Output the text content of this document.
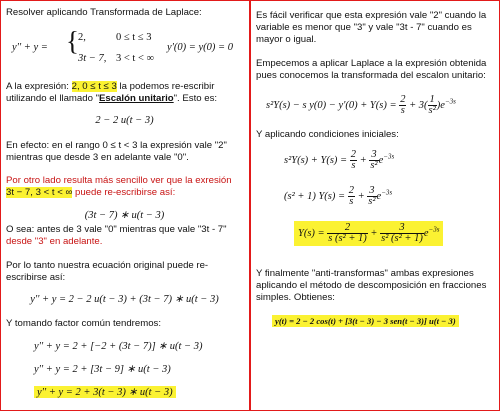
Resolver aplicando Transformada de Laplace:
y'' + y = { 2,	0 ≤ t ≤ 3
3t − 7, 3 < t < ∞
y'(0) = y(0) = 0
A la expresión: 2, 0 ≤ t ≤ 3 la podemos re-escribir
utilizando el llamado "Escalón unitario". Esto es:
2 − 2 u(t − 3)
En efecto: en el rango 0 ≤ t < 3 la expresión vale "2"
mientras que desde 3 en adelante vale "0".
Por otro lado resulta más sencillo ver que la exresión
3t − 7, 3 < t < ∞ puede re-escribirse así:
(3t − 7) ∗ u(t − 3)
O sea: antes de 3 vale "0" mientras que vale "3t - 7"
desde "3" en adelante.
Por lo tanto nuestra ecuación original puede re-
escribirse así:
y'' + y = 2 − 2 u(t − 3) + (3t − 7) ∗ u(t − 3)
Y tomando factor común tendremos:
y'' + y = 2 + [−2 + (3t − 7)] ∗ u(t − 3)
y'' + y = 2 + [3t − 9] ∗ u(t − 3)
y'' + y = 2 + 3(t − 3) ∗ u(t − 3)
Es fácil verificar que esta expresión vale "2" cuando la
variable es menor que "3" y vale "3t - 7" cuando es
mayor o igual.
Empecemos a aplicar Laplace a la expresión obtenida
pues conocemos la transformada del escalon unitario:
s²Y(s) − s $y(0) - y'(0) + Y(s) = \frac{2}{s} + 3( \frac{1}{\text{s²}} )e^{-3s}$
Y aplicando condiciones iniciales:
$s^2Y(s) + Y(s) = \frac{2}{s} + \frac{3}{\text{s²}} e^{-3s}$
(s² + 1) $Y(s) = \frac{2}{s} + \frac{3}{\text{s²}} e^{-3s}$
$Y(s) = \frac{2}{\text{s (s² + 1)}} + \frac{3}{\text{s² (s² + 1)}} e^{-3s}$
Y finalmente "anti-transformas" ambas expresiones
aplicando el método de descomposición en fracciones
simples. Obtienes:
y(t) = 2 − 2 cos(t) + [3(t − 3) − 3 sen(t − 3)] u(t − 3)
